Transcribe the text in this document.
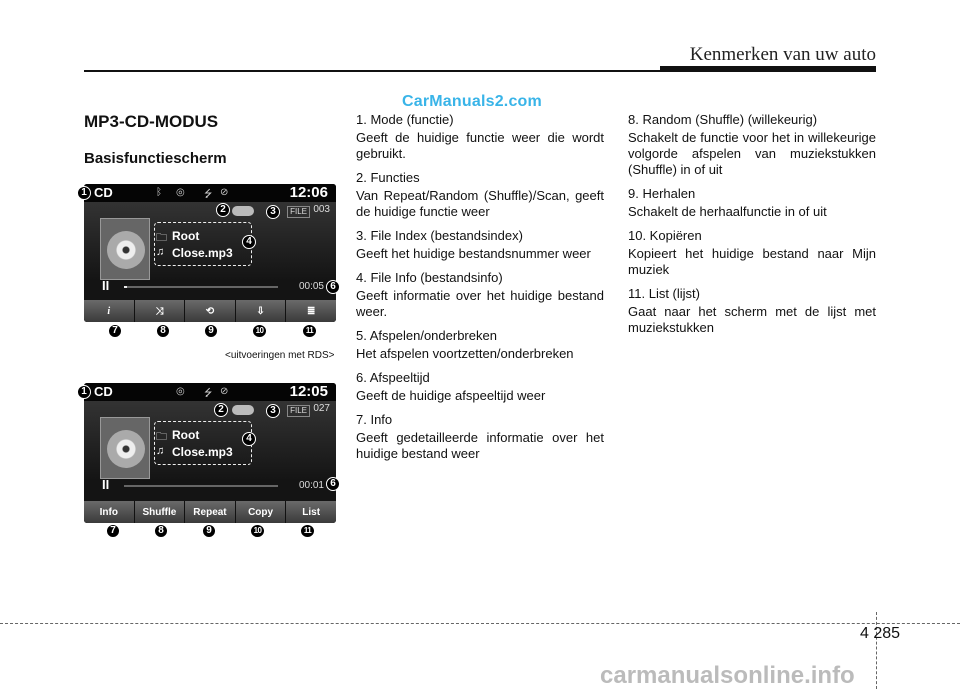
Kenmerken van uw auto
CarManuals2.com
MP3-CD-MODUS
Basisfunctiescherm
CD	ᛒ ◎ ⭍ ⊘	12:06
FILE 003
🗀 Root
♫ Close.mp3
II	00:05
i	⤨	⟲	⇩	≣
1
2	3
4
6
7	8	9	10	11
<uitvoeringen met RDS>
CD	◎ ⭍ ⊘	12:05
FILE 027
🗀 Root
♫ Close.mp3
II	00:01
Info	Shuffle	Repeat	Copy	List
1
2	3
4
6
7	8	9	10	11
1. Mode (functie)
Geeft de huidige functie weer die wordt gebruikt.
2. Functies
Van Repeat/Random (Shuffle)/Scan, geeft de huidige functie weer
3. File Index (bestandsindex)
Geeft het huidige bestandsnummer weer
4. File Info (bestandsinfo)
Geeft informatie over het huidige bestand weer.
5. Afspelen/onderbreken
Het afspelen voortzetten/onderbreken
6. Afspeeltijd
Geeft de huidige afspeeltijd weer
7. Info
Geeft gedetailleerde informatie over het huidige bestand weer
8. Random (Shuffle) (willekeurig)
Schakelt de functie voor het in willekeurige volgorde afspelen van muziekstukken (Shuffle) in of uit
9. Herhalen
Schakelt de herhaalfunctie in of uit
10. Kopiëren
Kopieert het huidige bestand naar Mijn muziek
11. List (lijst)
Gaat naar het scherm met de lijst met muziekstukken
4 285
carmanualsonline.info
